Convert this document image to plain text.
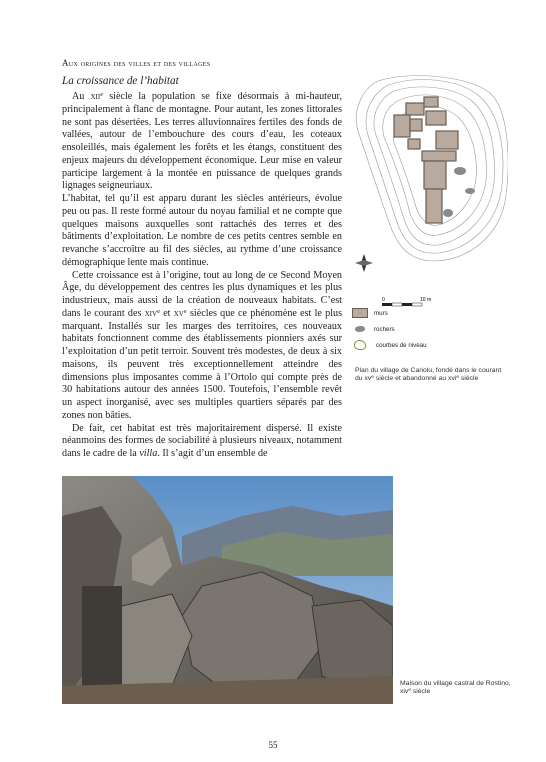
Aux origines des villes et des villages
La croissance de l’habitat

Au xii$^e$ siècle la population se fixe désormais à mi-hauteur, principalement à flanc de montagne. Pour autant, les zones littorales ne sont pas désertées. Les terres alluvionnaires fertiles des fonds de vallées, autour de l’embouchure des cours d’eau, les coteaux ensoleillés, mais également les forêts et les étangs, constituent des enjeux majeurs du développement économique. Leur mise en valeur participe largement à la montée en puissance de quelques grands lignages seigneuriaux.

L’habitat, tel qu’il est apparu durant les siècles antérieurs, évolue peu ou pas. Il reste formé autour du noyau familial et ne compte que quelques maisons auxquelles sont rattachés des terres et des bâtiments d’exploitation. Le nombre de ces petits centres semble en revanche s’accroître au fil des siècles, au rythme d’une croissance démographique lente mais continue.

Cette croissance est à l’origine, tout au long de ce Second Moyen Âge, du développement des centres les plus dynamiques et les plus industrieux, mais aussi de la création de nouveaux habitats. C’est dans le courant des xiv$^e$ et $xv^e$ siècles que ce phénomène est le plus marquant. Installés sur les marges des territoires, ces nouveaux habitats fonctionnent comme des établissements pionniers axés sur l’exploitation d’un petit terroir. Souvent très modestes, de deux à six maisons, ils peuvent très exceptionnellement atteindre des dimensions plus imposantes comme à l’Ortolo qui compte près de 30 habitations autour des années 1500. Toutefois, l’ensemble revêt un aspect inorganisé, avec ses multiples quartiers séparés par des zones non bâties.

De fait, cet habitat est très majoritairement dispersé. Il existe néanmoins des formes de sociabilité à plusieurs niveaux, notamment dans le cadre de la villa. Il s’agit d’un ensemble de

0	10 m
murs
rochers
courbes de niveau
Plan du village de Cariolu, fondé dans le courant du $xv^e$ siècle et abandonné au xvi$^e$ siècle
Maison du village castral de Rostino, xiv$^e$ siècle
55
